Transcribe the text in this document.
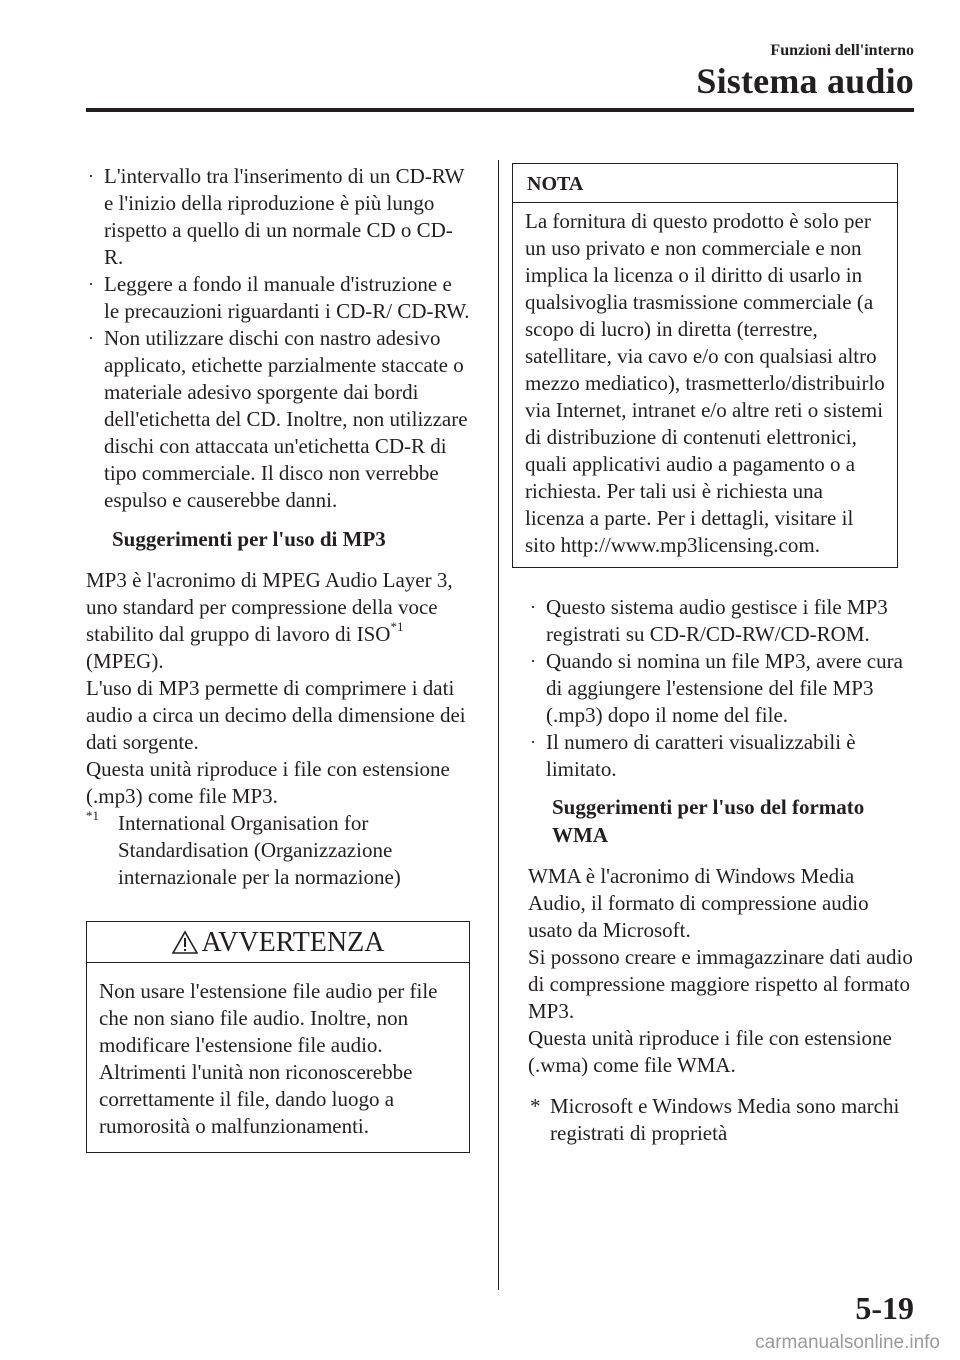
Funzioni dell'interno
Sistema audio
· L'intervallo tra l'inserimento di un CD-RW e l'inizio della riproduzione è più lungo rispetto a quello di un normale CD o CD-R.
· Leggere a fondo il manuale d'istruzione e le precauzioni riguardanti i CD-R/ CD-RW.
· Non utilizzare dischi con nastro adesivo applicato, etichette parzialmente staccate o materiale adesivo sporgente dai bordi dell'etichetta del CD. Inoltre, non utilizzare dischi con attaccata un'etichetta CD-R di tipo commerciale. Il disco non verrebbe espulso e causerebbe danni.
Suggerimenti per l'uso di MP3
MP3 è l'acronimo di MPEG Audio Layer 3, uno standard per compressione della voce stabilito dal gruppo di lavoro di ISO$^{*1}$ (MPEG).
L'uso di MP3 permette di comprimere i dati audio a circa un decimo della dimensione dei dati sorgente.
Questa unità riproduce i file con estensione (.mp3) come file MP3.
$^{*1}$ International Organisation for
Standardisation (Organizzazione internazionale per la normazione)
AVVERTENZA
Non usare l'estensione file audio per file che non siano file audio. Inoltre, non modificare l'estensione file audio. Altrimenti l'unità non riconoscerebbe correttamente il file, dando luogo a rumorosità o malfunzionamenti.
NOTA
La fornitura di questo prodotto è solo per un uso privato e non commerciale e non implica la licenza o il diritto di usarlo in qualsivoglia trasmissione commerciale (a scopo di lucro) in diretta (terrestre, satellitare, via cavo e/o con qualsiasi altro mezzo mediatico), trasmetterlo/distribuirlo via Internet, intranet e/o altre reti o sistemi di distribuzione di contenuti elettronici, quali applicativi audio a pagamento o a richiesta. Per tali usi è richiesta una licenza a parte. Per i dettagli, visitare il sito http://www.mp3licensing.com.
· Questo sistema audio gestisce i file MP3 registrati su CD-R/CD-RW/CD-ROM.
· Quando si nomina un file MP3, avere cura di aggiungere l'estensione del file MP3 (.mp3) dopo il nome del file.
· Il numero di caratteri visualizzabili è limitato.
Suggerimenti per l'uso del formato WMA
WMA è l'acronimo di Windows Media Audio, il formato di compressione audio usato da Microsoft.
Si possono creare e immagazzinare dati audio di compressione maggiore rispetto al formato MP3.
Questa unità riproduce i file con estensione (.wma) come file WMA.
* Microsoft e Windows Media sono marchi registrati di proprietà
5-19
carmanualsonline.info
